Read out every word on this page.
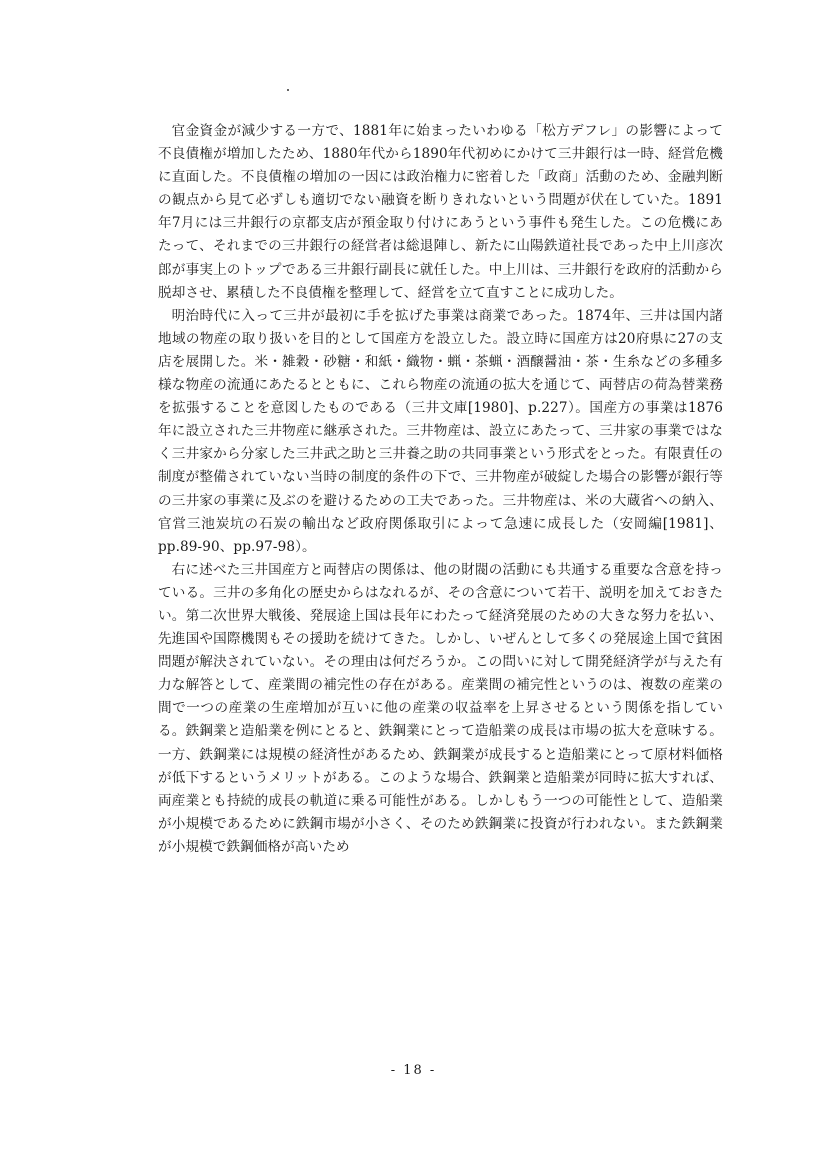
官金資金が減少する一方で、1881年に始まったいわゆる「松方デフレ」の影響によって不良債権が増加したため、1880年代から1890年代初めにかけて三井銀行は一時、経営危機に直面した。不良債権の増加の一因には政治権力に密着した「政商」活動のため、金融判断の観点から見て必ずしも適切でない融資を断りきれないという問題が伏在していた。1891年7月には三井銀行の京都支店が預金取り付けにあうという事件も発生した。この危機にあたって、それまでの三井銀行の経営者は総退陣し、新たに山陽鉄道社長であった中上川彦次郎が事実上のトップである三井銀行副長に就任した。中上川は、三井銀行を政府的活動から脱却させ、累積した不良債権を整理して、経営を立て直すことに成功した。

明治時代に入って三井が最初に手を拡げた事業は商業であった。1874年、三井は国内諸地域の物産の取り扱いを目的として国産方を設立した。設立時に国産方は20府県に27の支店を展開した。米・雑穀・砂糖・和紙・織物・蝋・茶蝋・酒醸醤油・茶・生糸などの多種多様な物産の流通にあたるとともに、これら物産の流通の拡大を通じて、両替店の荷為替業務を拡張することを意図したものである（三井文庫[1980]、p.227）。国産方の事業は1876年に設立された三井物産に継承された。三井物産は、設立にあたって、三井家の事業ではなく三井家から分家した三井武之助と三井養之助の共同事業という形式をとった。有限責任の制度が整備されていない当時の制度的条件の下で、三井物産が破綻した場合の影響が銀行等の三井家の事業に及ぶのを避けるための工夫であった。三井物産は、米の大蔵省への納入、官営三池炭坑の石炭の輸出など政府関係取引によって急速に成長した（安岡編[1981]、pp.89-90、pp.97-98）。

右に述べた三井国産方と両替店の関係は、他の財閥の活動にも共通する重要な含意を持っている。三井の多角化の歴史からはなれるが、その含意について若干、説明を加えておきたい。第二次世界大戦後、発展途上国は長年にわたって経済発展のための大きな努力を払い、先進国や国際機関もその援助を続けてきた。しかし、いぜんとして多くの発展途上国で貧困問題が解決されていない。その理由は何だろうか。この問いに対して開発経済学が与えた有力な解答として、産業間の補完性の存在がある。産業間の補完性というのは、複数の産業の間で一つの産業の生産増加が互いに他の産業の収益率を上昇させるという関係を指している。鉄鋼業と造船業を例にとると、鉄鋼業にとって造船業の成長は市場の拡大を意味する。一方、鉄鋼業には規模の経済性があるため、鉄鋼業が成長すると造船業にとって原材料価格が低下するというメリットがある。このような場合、鉄鋼業と造船業が同時に拡大すれば、両産業とも持続的成長の軌道に乗る可能性がある。しかしもう一つの可能性として、造船業が小規模であるために鉄鋼市場が小さく、そのため鉄鋼業に投資が行われない。また鉄鋼業が小規模で鉄鋼価格が高いため

- 18 -
